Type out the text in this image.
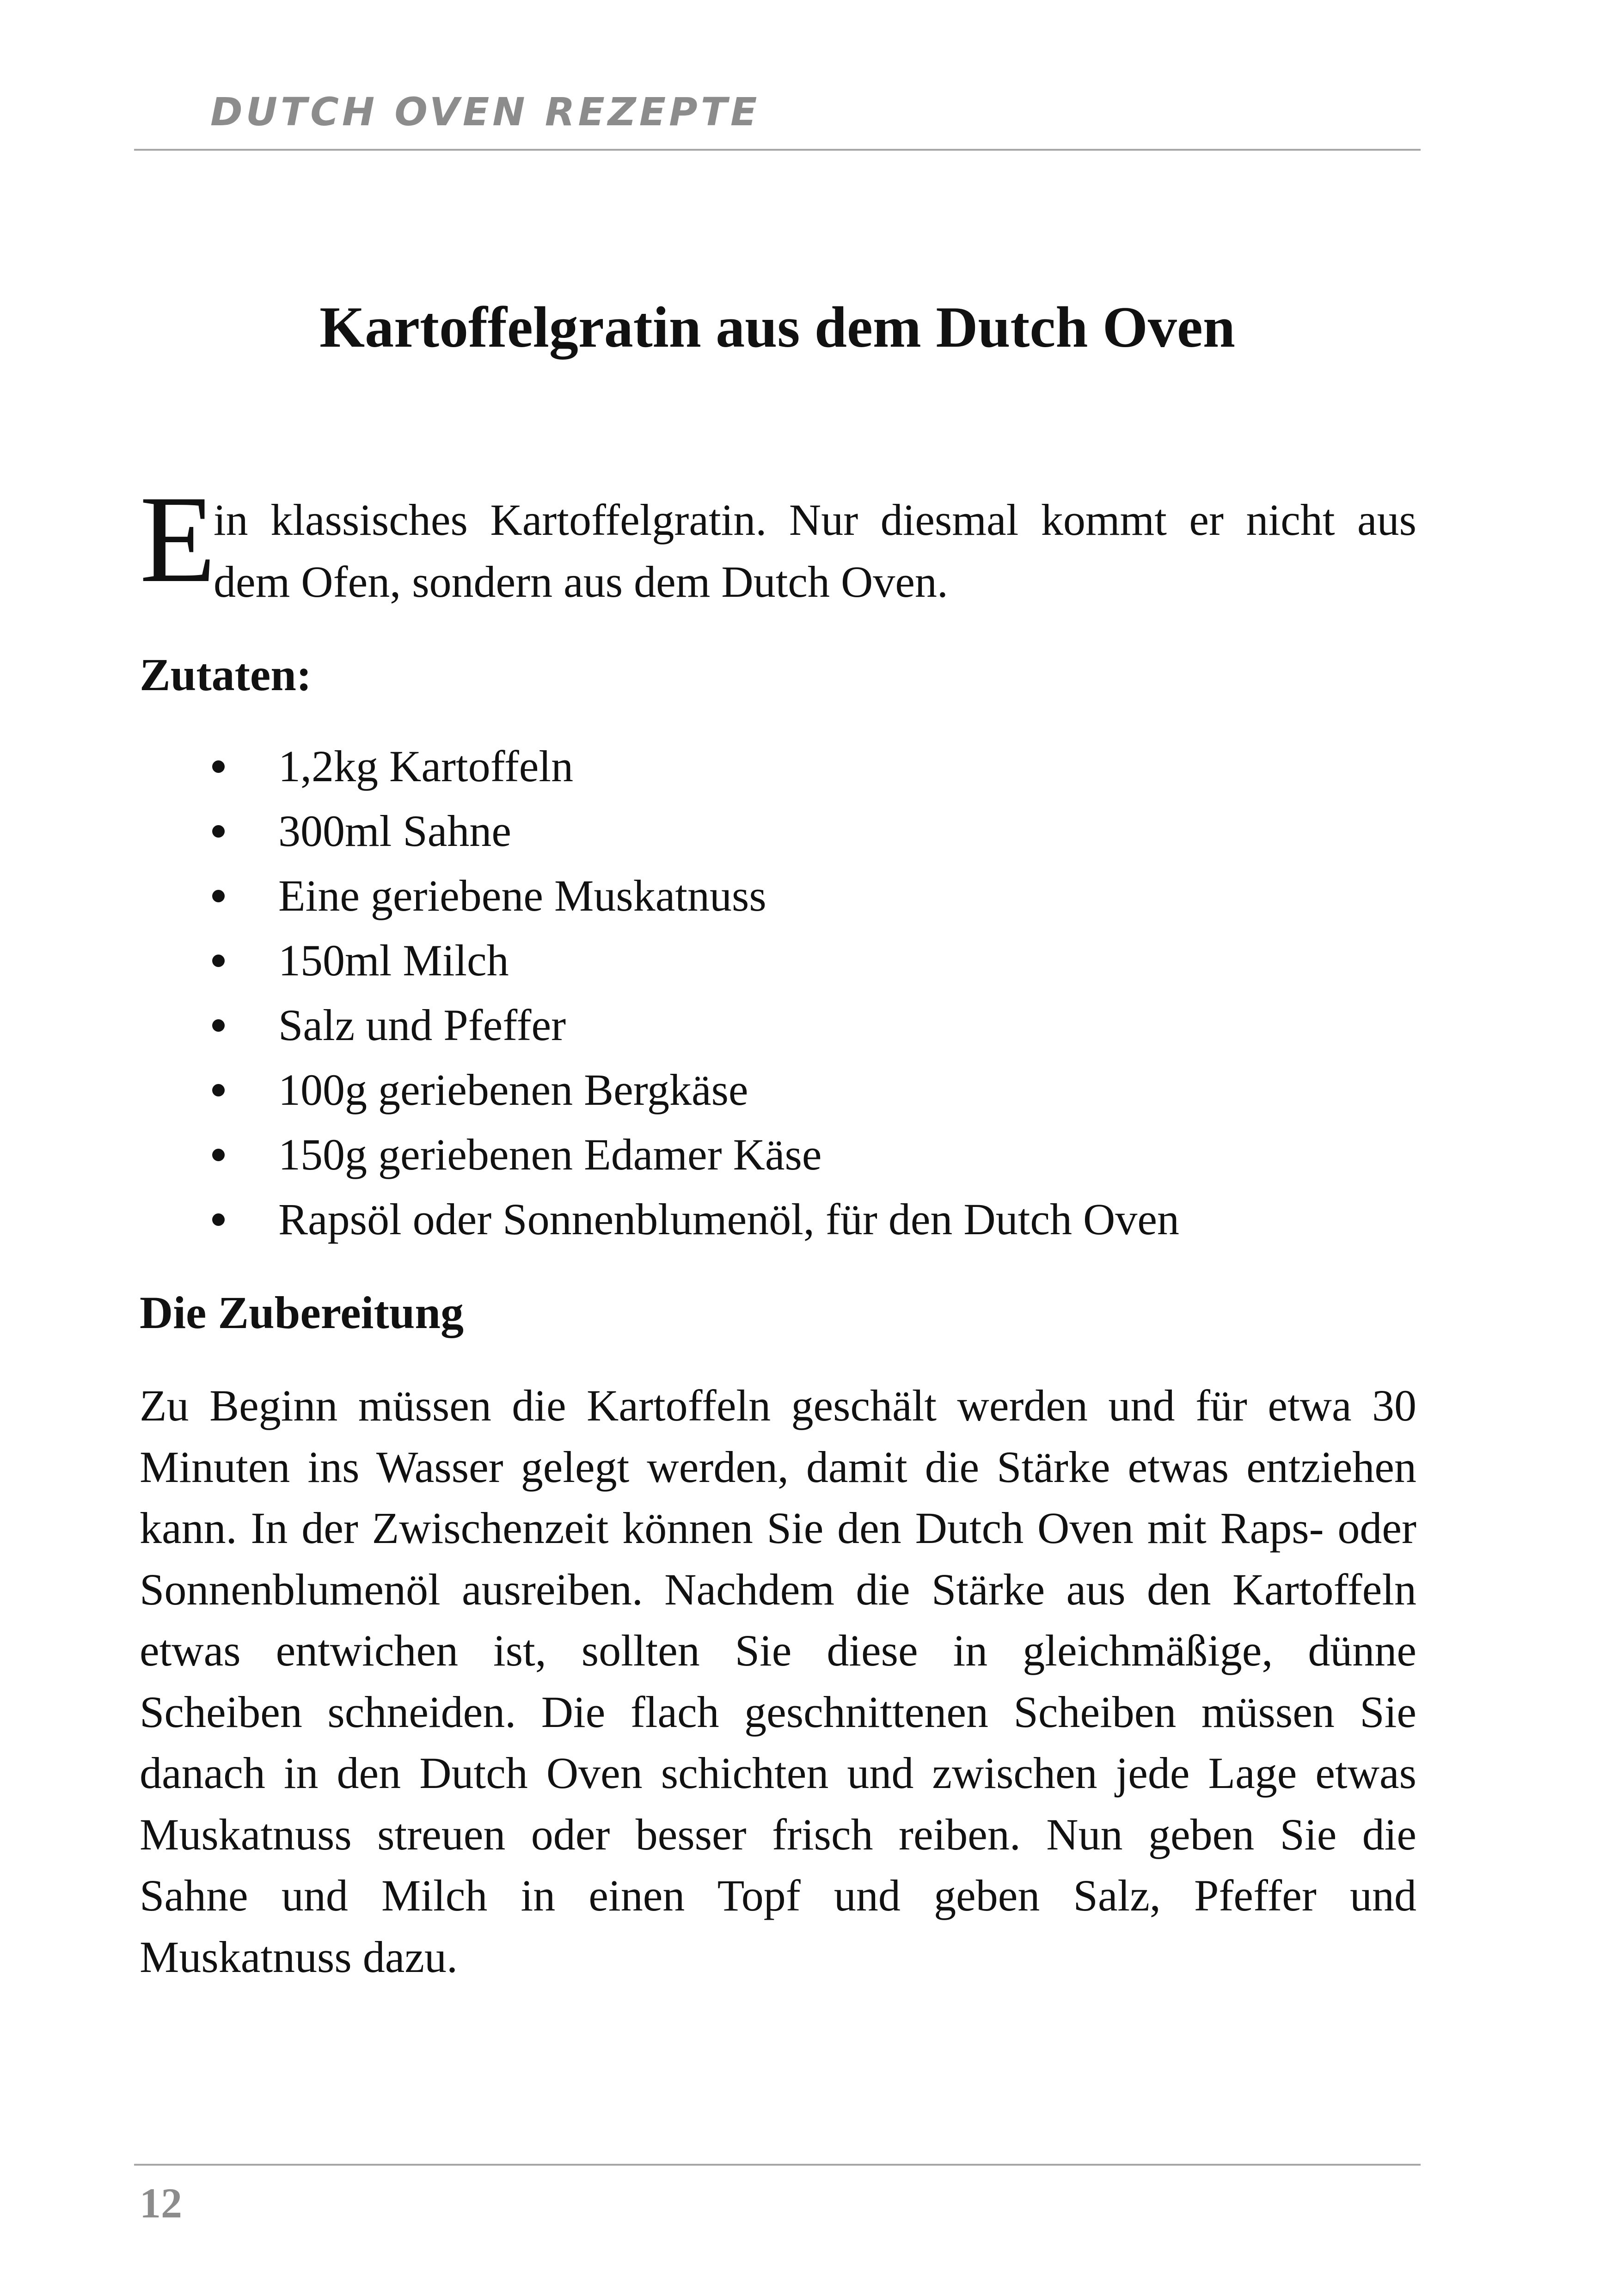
DUTCH OVEN REZEPTE
Kartoffelgratin aus dem Dutch Oven
E
in klassisches Kartoffelgratin. Nur diesmal kommt er nicht aus
dem Ofen, sondern aus dem Dutch Oven.
Zutaten:
1,2kg Kartoffeln
300ml Sahne
Eine geriebene Muskatnuss
150ml Milch
Salz und Pfeffer
100g geriebenen Bergkäse
150g geriebenen Edamer Käse
Rapsöl oder Sonnenblumenöl, für den Dutch Oven
Die Zubereitung
Zu Beginn müssen die Kartoffeln geschält werden und für etwa 30
Minuten ins Wasser gelegt werden, damit die Stärke etwas entziehen
kann. In der Zwischenzeit können Sie den Dutch Oven mit Raps- oder
Sonnenblumenöl ausreiben. Nachdem die Stärke aus den Kartoffeln
etwas entwichen ist, sollten Sie diese in gleichmäßige, dünne
Scheiben schneiden. Die flach geschnittenen Scheiben müssen Sie
danach in den Dutch Oven schichten und zwischen jede Lage etwas
Muskatnuss streuen oder besser frisch reiben. Nun geben Sie die
Sahne und Milch in einen Topf und geben Salz, Pfeffer und
Muskatnuss dazu.
12
